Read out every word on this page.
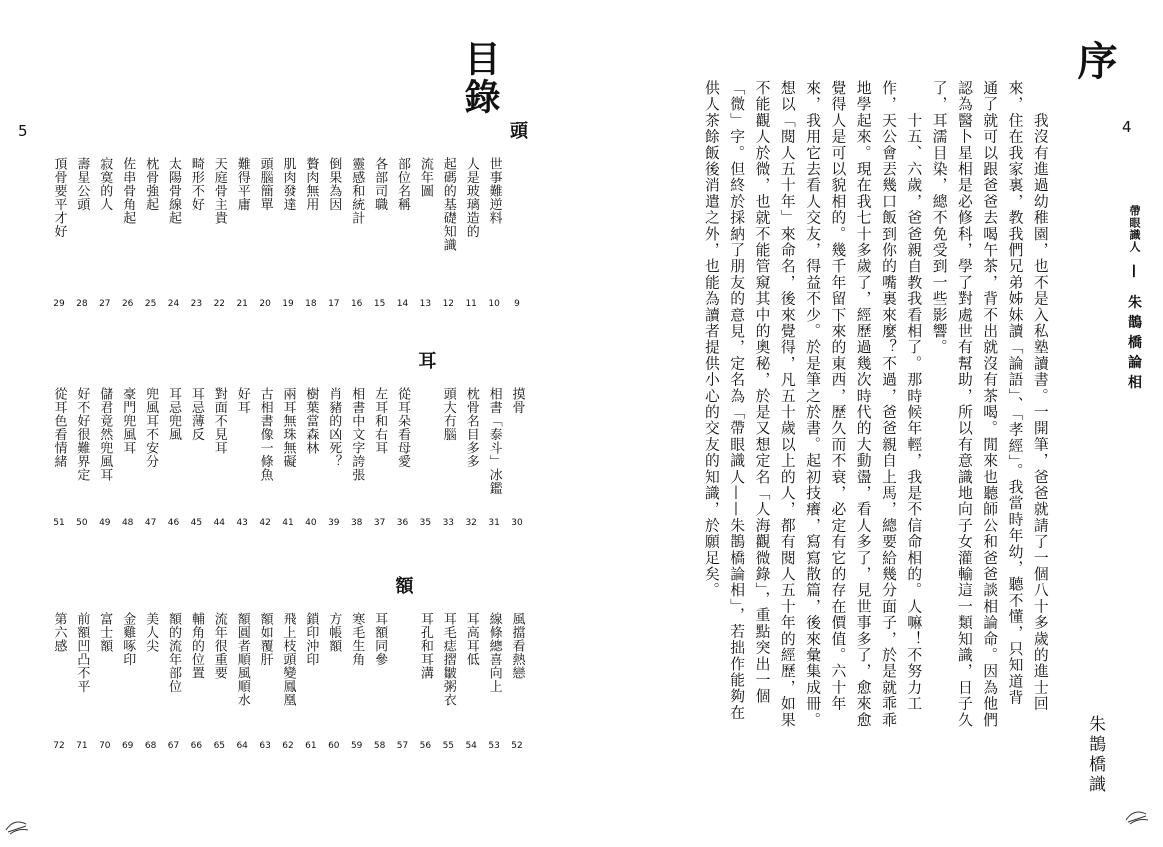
5
目錄
頭
世事難逆料
人是玻璃造的
起碼的基礎知識
流年圖
部位名稱
各部司職
靈感和統計
倒果為因
贅肉無用
肌肉發達
頭腦簡單
難得平庸
天庭骨主貴
畸形不好
太陽骨線起
枕骨強起
佐串骨角起
寂寞的人
壽星公頭
頂骨要平才好
摸骨
相書「泰斗」冰鑑
枕骨名目多多
頭大冇腦
耳
從耳朵看母愛
左耳和右耳
相書中文字誇張
肖豬的凶死？
樹葉當森林
兩耳無珠無礙
古相書像一條魚
好耳
對面不見耳
耳忌薄反
耳忌兜風
兜風耳不安分
豪門兜風耳
儲君竟然兜風耳
好不好很難界定
從耳色看情緒
風擋看熱戀
線條總喜向上
耳高耳低
耳毛痣摺皺粥衣
耳孔和耳溝
額
耳額同參
寒毛生角
方帳額
鎖印沖印
飛上枝頭變鳳凰
額如覆肝
額圓者順風順水
流年很重要
輔角的位置
額的流年部位
美人尖
金雞啄印
富士額
前額凹凸不平
第六感
9
10
11
12
13
14
15
16
17
18
19
20
21
22
23
24
25
26
27
28
29
30
31
32
33
35
36
37
38
39
40
41
42
43
44
45
46
47
48
49
50
51
52
53
54
55
56
57
58
59
60
61
62
63
64
65
66
67
68
69
70
71
72
4
序
帶眼識人 — 朱鵲橋論相
　　我沒有進過幼稚園，也不是入私塾讀書。一開筆，爸爸就請了一個八十多歲的進士回
來，住在我家裏，教我們兄弟姊妹讀「論語」、「孝經」。我當時年幼，聽不懂，只知道背
通了就可以跟爸爸去喝午茶，背不出就沒有茶喝。閒來也聽師公和爸爸談相論命。因為他們
認為醫卜星相是必修科，學了對處世有幫助，所以有意識地向子女灌輸這一類知識，日子久
了，耳濡目染，總不免受到一些影響。
　　十五、六歲，爸爸親自教我看相了。那時候年輕，我是不信命相的。人嘛！不努力工
作，天公會丟幾口飯到你的嘴裏來麼？不過，爸爸親自上馬，總要給幾分面子，於是就乖乖
地學起來。現在我七十多歲了，經歷過幾次時代的大動盪，看人多了，見世事多了，愈來愈
覺得人是可以貌相的。幾千年留下來的東西，歷久而不衰，必定有它的存在價值。六十年
來，我用它去看人交友，得益不少。於是筆之於書。起初技癢，寫寫散篇，後來彙集成冊。
想以「閱人五十年」來命名，後來覺得，凡五十歲以上的人，都有閱人五十年的經歷，如果
不能觀人於微，也就不能管窺其中的奧秘，於是又想定名「人海觀微錄」，重點突出一個
「微」字。但終於採納了朋友的意見，定名為「帶眼識人——朱鵲橋論相」，若拙作能夠在
供人茶餘飯後消遣之外，也能為讀者提供小心的交友的知識，於願足矣。
朱鵲橋識
